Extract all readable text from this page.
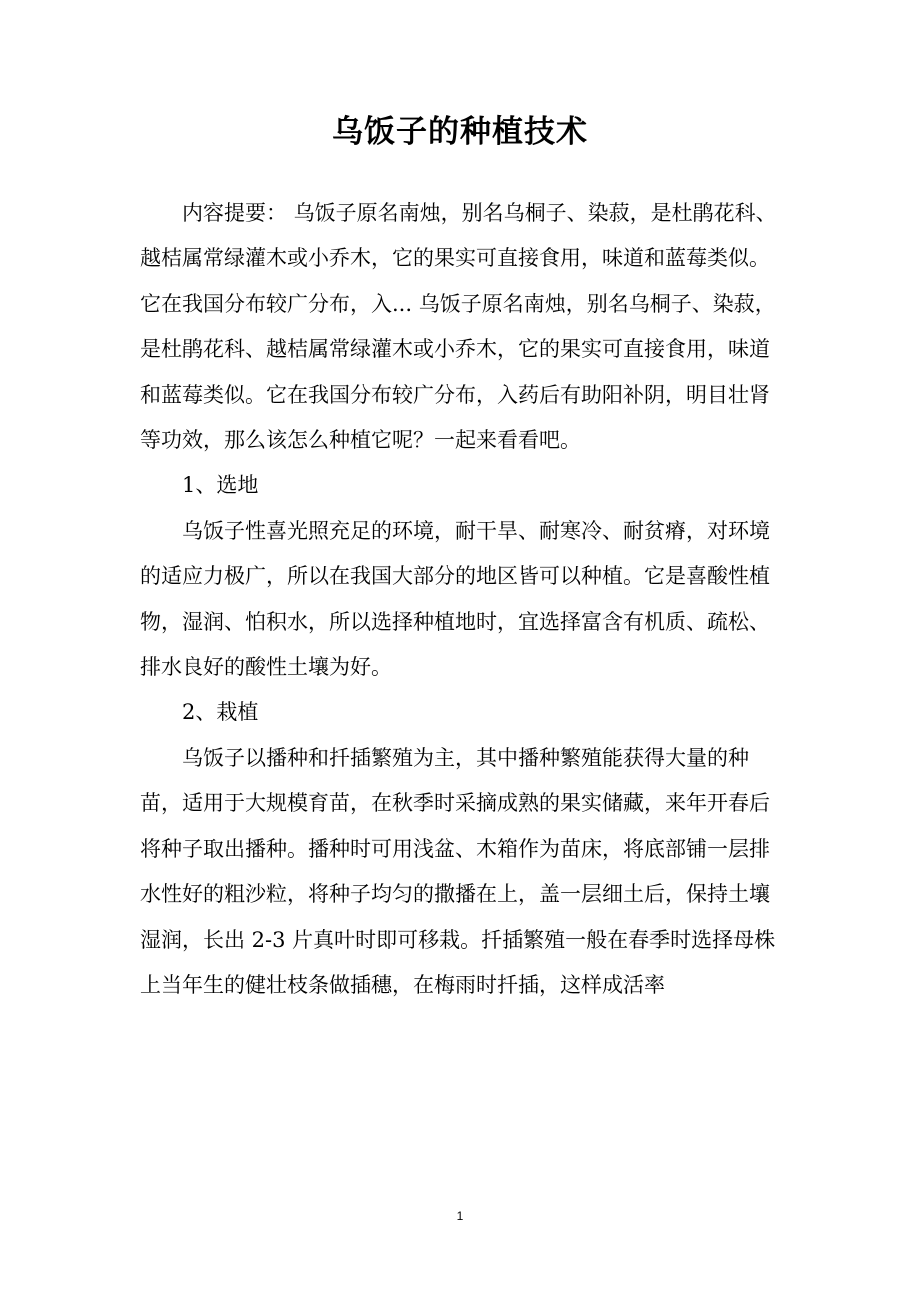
乌饭子的种植技术

内容提要： 乌饭子原名南烛，别名乌桐子、染菽，是杜鹃花科、越桔属常绿灌木或小乔木，它的果实可直接食用，味道和蓝莓类似。它在我国分布较广分布，入... 乌饭子原名南烛，别名乌桐子、染菽，是杜鹃花科、越桔属常绿灌木或小乔木，它的果实可直接食用，味道和蓝莓类似。它在我国分布较广分布，入药后有助阳补阴，明目壮肾等功效，那么该怎么种植它呢？一起来看看吧。

1、选地

乌饭子性喜光照充足的环境，耐干旱、耐寒冷、耐贫瘠，对环境的适应力极广，所以在我国大部分的地区皆可以种植。它是喜酸性植物，湿润、怕积水，所以选择种植地时，宜选择富含有机质、疏松、排水良好的酸性土壤为好。

2、栽植

乌饭子以播种和扦插繁殖为主，其中播种繁殖能获得大量的种苗，适用于大规模育苗，在秋季时采摘成熟的果实储藏，来年开春后将种子取出播种。播种时可用浅盆、木箱作为苗床，将底部铺一层排水性好的粗沙粒，将种子均匀的撒播在上，盖一层细土后，保持土壤湿润，长出 2-3 片真叶时即可移栽。扦插繁殖一般在春季时选择母株上当年生的健壮枝条做插穗，在梅雨时扦插，这样成活率

1
